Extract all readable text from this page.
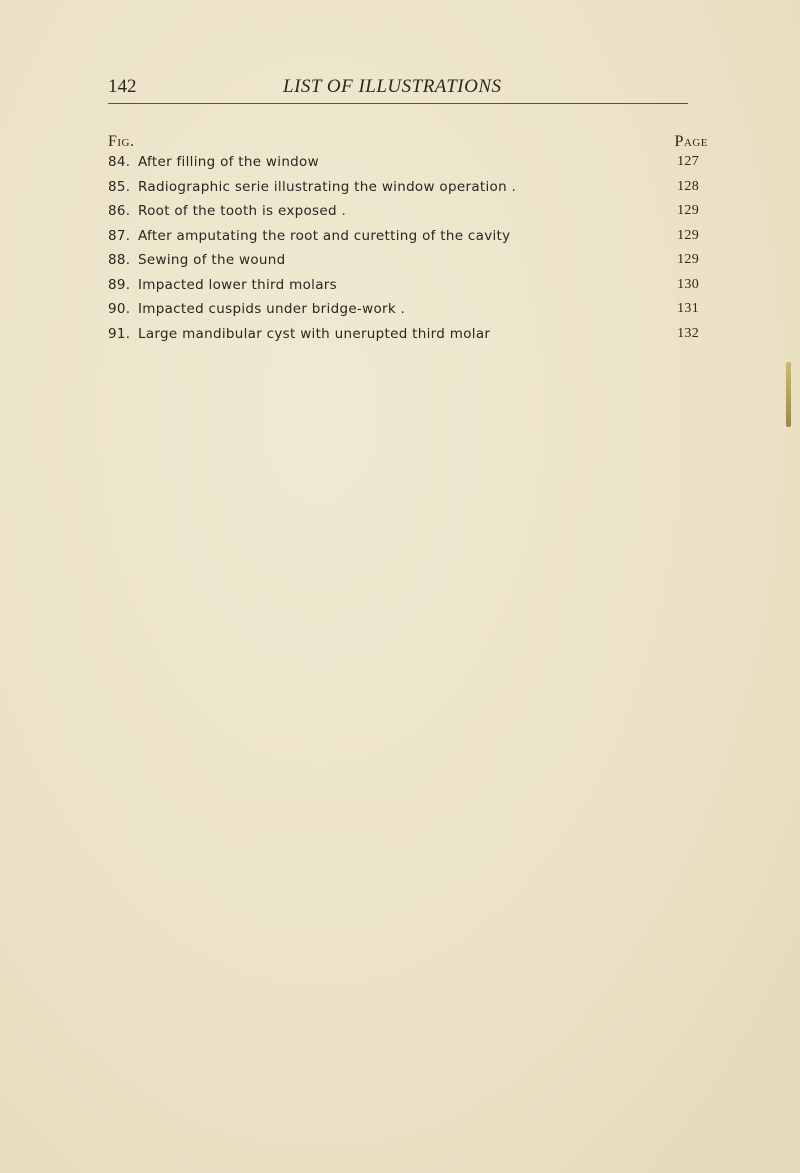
142	LIST OF ILLUSTRATIONS
Fig.	Page
84. After filling of the window	127
85. Radiographic serie illustrating the window operation .	128
86. Root of the tooth is exposed .	129
87. After amputating the root and curetting of the cavity	129
88. Sewing of the wound	129
89. Impacted lower third molars	130
90. Impacted cuspids under bridge-work .	131
91. Large mandibular cyst with unerupted third molar	132
